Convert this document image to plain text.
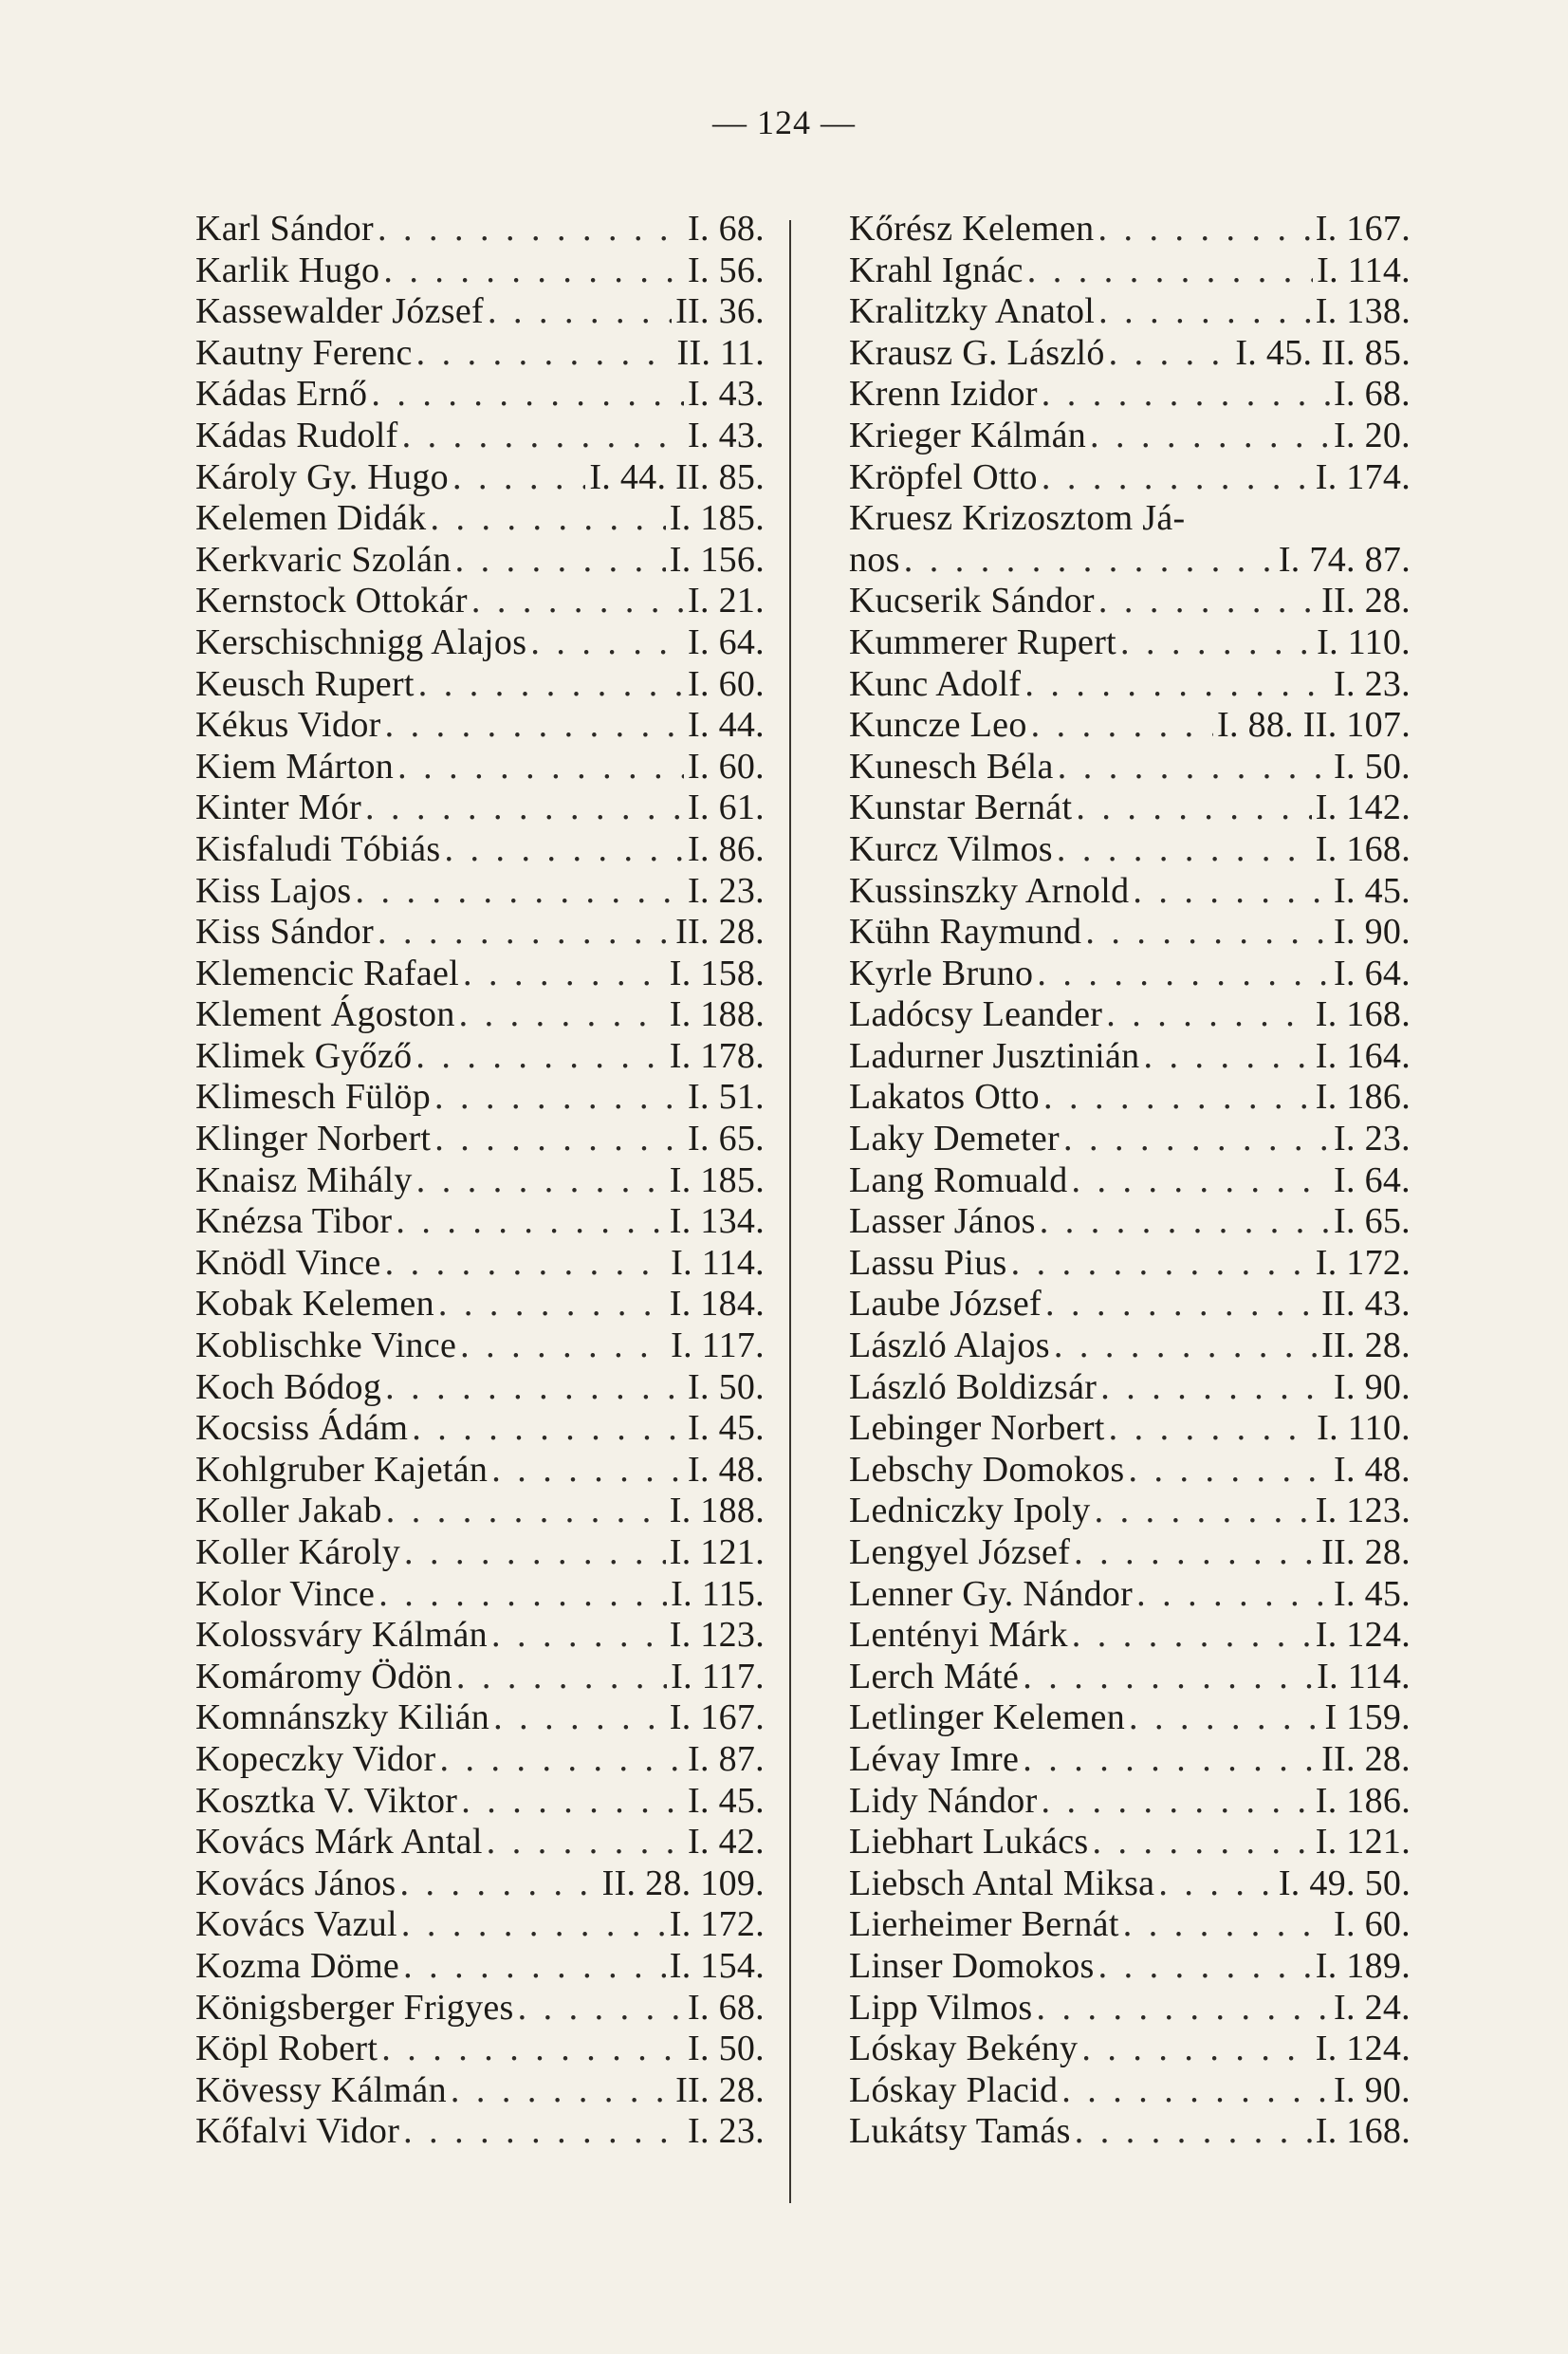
— 124 —
Karl Sándor . . .	I. 68.
Karlik Hugo . . .	I. 56.
Kassewalder József . . .	II. 36.
Kautny Ferenc . . .	II. 11.
Kádas Ernő . . .	I. 43.
Kádas Rudolf . . .	I. 43.
Károly Gy. Hugo . . .	I. 44. II. 85.
Kelemen Didák . . .	I. 185.
Kerkvaric Szolán . . .	I. 156.
Kernstock Ottokár . . .	I. 21.
Kerschischnigg Alajos . . .	I. 64.
Keusch Rupert . . .	I. 60.
Kékus Vidor . . .	I. 44.
Kiem Márton . . .	I. 60.
Kinter Mór . . .	I. 61.
Kisfaludi Tóbiás . . .	I. 86.
Kiss Lajos . . .	I. 23.
Kiss Sándor . . .	II. 28.
Klemencic Rafael . . .	I. 158.
Klement Ágoston . . .	I. 188.
Klimek Győző . . .	I. 178.
Klimesch Fülöp . . .	I. 51.
Klinger Norbert . . .	I. 65.
Knaisz Mihály . . .	I. 185.
Knézsa Tibor . . .	I. 134.
Knödl Vince . . .	I. 114.
Kobak Kelemen . . .	I. 184.
Koblischke Vince . . .	I. 117.
Koch Bódog . . .	I. 50.
Kocsiss Ádám . . .	I. 45.
Kohlgruber Kajetán . . .	I. 48.
Koller Jakab . . .	I. 188.
Koller Károly . . .	I. 121.
Kolor Vince . . .	I. 115.
Kolossváry Kálmán . . .	I. 123.
Komáromy Ödön . . .	I. 117.
Komnánszky Kilián . . .	I. 167.
Kopeczky Vidor . . .	I. 87.
Kosztka V. Viktor . . .	I. 45.
Kovács Márk Antal . . .	I. 42.
Kovács János . . .	II. 28. 109.
Kovács Vazul . . .	I. 172.
Kozma Döme . . .	I. 154.
Königsberger Frigyes . . .	I. 68.
Köpl Robert . . .	I. 50.
Kövessy Kálmán . . .	II. 28.
Kőfalvi Vidor . . .	I. 23.
Kőrész Kelemen . . .	I. 167.
Krahl Ignác . . .	I. 114.
Kralitzky Anatol . . .	I. 138.
Krausz G. László . . .	I. 45. II. 85.
Krenn Izidor . . .	I. 68.
Krieger Kálmán . . .	I. 20.
Kröpfel Otto . . .	I. 174.
Kruesz Krizosztom Já-
nos . . .	I. 74. 87.
Kucserik Sándor . . .	II. 28.
Kummerer Rupert . . .	I. 110.
Kunc Adolf . . .	I. 23.
Kuncze Leo . . .	I. 88. II. 107.
Kunesch Béla . . .	I. 50.
Kunstar Bernát . . .	I. 142.
Kurcz Vilmos . . .	I. 168.
Kussinszky Arnold . . .	I. 45.
Kühn Raymund . . .	I. 90.
Kyrle Bruno . . .	I. 64.
Ladócsy Leander . . .	I. 168.
Ladurner Jusztinián . . .	I. 164.
Lakatos Otto . . .	I. 186.
Laky Demeter . . .	I. 23.
Lang Romuald . . .	I. 64.
Lasser János . . .	I. 65.
Lassu Pius . . .	I. 172.
Laube József . . .	II. 43.
László Alajos . . .	II. 28.
László Boldizsár . . .	I. 90.
Lebinger Norbert . . .	I. 110.
Lebschy Domokos . . .	I. 48.
Ledniczky Ipoly . . .	I. 123.
Lengyel József . . .	II. 28.
Lenner Gy. Nándor . . .	I. 45.
Lentényi Márk . . .	I. 124.
Lerch Máté . . .	I. 114.
Letlinger Kelemen . . .	I 159.
Lévay Imre . . .	II. 28.
Lidy Nándor . . .	I. 186.
Liebhart Lukács . . .	I. 121.
Liebsch Antal Miksa . . .	I. 49. 50.
Lierheimer Bernát . . .	I. 60.
Linser Domokos . . .	I. 189.
Lipp Vilmos . . .	I. 24.
Lóskay Bekény . . .	I. 124.
Lóskay Placid . . .	I. 90.
Lukátsy Tamás . . .	I. 168.
